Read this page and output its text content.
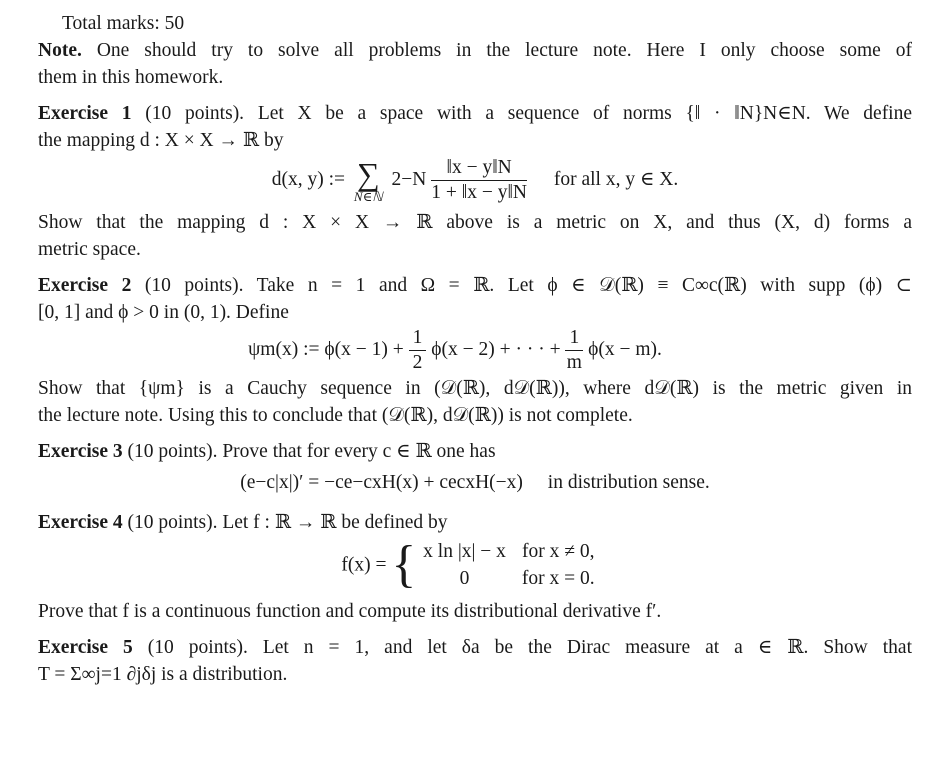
Total marks: 50
Note. One should try to solve all problems in the lecture note. Here I only choose some of
them in this homework.
Exercise 1 (10 points). Let X be a space with a sequence of norms {‖ · ‖N}N∈N. We define
the mapping d : X × X → ℝ by
d(x, y) := ∑
N∈ℕ
$2-N \frac{‖x - y‖N}{1 + ‖x - y‖N}$ for all x, y ∈ X.
Show that the mapping d : X × X → ℝ above is a metric on X, and thus (X, d) forms a
metric space.
Exercise 2 (10 points). Take n = 1 and Ω = ℝ. Let ϕ ∈ 𝒟(ℝ) ≡ C∞c(ℝ) with supp (ϕ) ⊂
[0, 1] and ϕ > 0 in (0, 1). Define
ψm(x) := $\phi(x - 1) + \frac{1}{2} \phi(x - 2)$ + · · · + $\frac{1}{m} \phi(x - m)$.
Show that {ψm} is a Cauchy sequence in (𝒟(ℝ), d𝒟(ℝ)), where d𝒟(ℝ) is the metric given in
the lecture note. Using this to conclude that (𝒟(ℝ), d𝒟(ℝ)) is not complete.
Exercise 3 (10 points). Prove that for every c ∈ ℝ one has
(e−c|x|)′ = −ce−cxH(x) + cecxH(−x) in distribution sense.
Exercise 4 (10 points). Let f : ℝ → ℝ be defined by
f(x) = { x ln |x| − x	for x ≠ 0,
0	for x = 0.
Prove that f is a continuous function and compute its distributional derivative f′.
Exercise 5 (10 points). Let n = 1, and let δa be the Dirac measure at a ∈ ℝ. Show that
T = Σ∞j=1 ∂jδj is a distribution.
